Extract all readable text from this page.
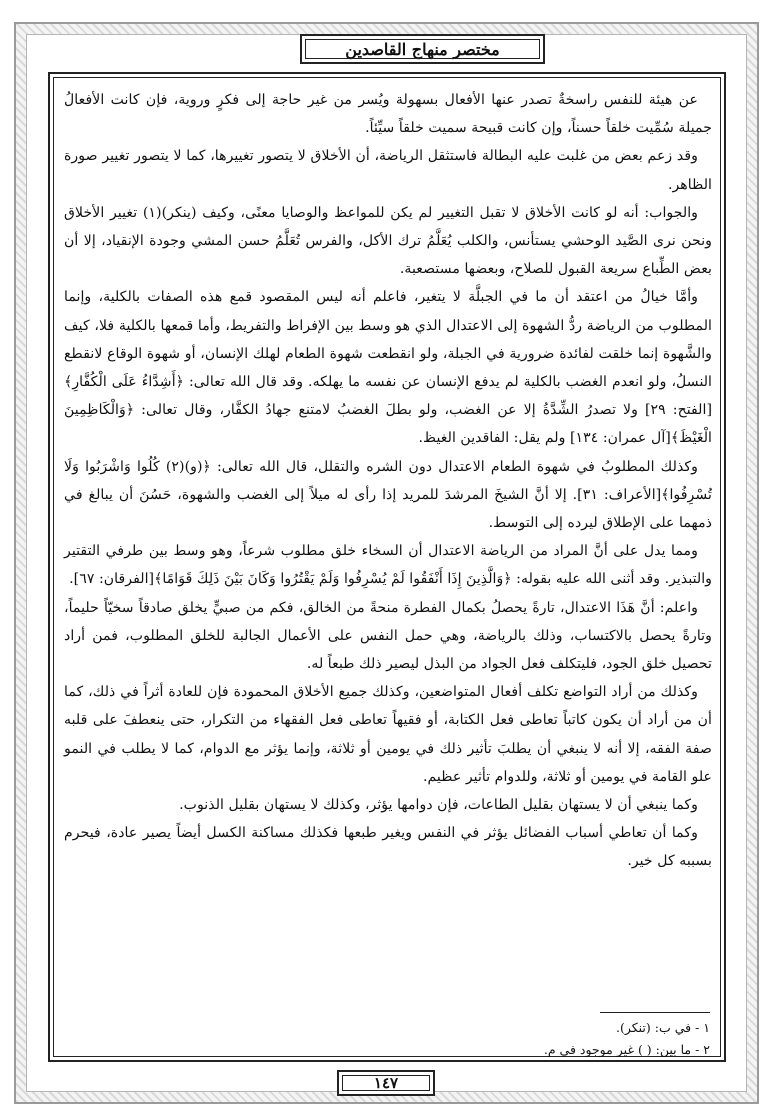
مختصر منهاج القاصدين

عن هيئة للنفس راسخةٌ تصدر عنها الأفعال بسهولة ويُسر من غير حاجة إلى فكرٍ وروية، فإن كانت الأفعالُ جميلة سُمِّيت خلقاً حسناً، وإن كانت قبيحة سميت خلقاً سيِّئاً.

وقد زعم بعض من غلبت عليه البطالة فاستثقل الرياضة، أن الأخلاق لا يتصور تغييرها، كما لا يتصور تغيير صورة الظاهر.

والجواب: أنه لو كانت الأخلاق لا تقبل التغيير لم يكن للمواعظ والوصايا معنًى، وكيف (ينكر)(١) تغيير الأخلاق ونحن نرى الصَّيد الوحشي يستأنس، والكلب يُعَلَّمُ ترك الأكل، والفرس تُعَلَّمُ حسن المشي وجودة الإنقياد، إلا أن بعض الطِّباع سريعة القبول للصلاح، وبعضها مستصعبة.

وأمَّا خيالُ من اعتقد أن ما في الجبلَّة لا يتغير، فاعلم أنه ليس المقصود قمع هذه الصفات بالكلية، وإنما المطلوب من الرياضة ردُّ الشهوة إلى الاعتدال الذي هو وسط بين الإفراط والتفريط، وأما قمعها بالكلية فلا، كيف والشَّهوة إنما خلقت لفائدة ضرورية في الجبلة، ولو انقطعت شهوة الطعام لهلك الإنسان، أو شهوة الوقاع لانقطع النسلُ، ولو انعدم الغضب بالكلية لم يدفع الإنسان عن نفسه ما يهلكه. وقد قال الله تعالى: ﴿أَشِدَّاءُ عَلَى الْكُفَّارِ﴾[الفتح: ٢٩] ولا تصدرُ الشِّدَّةُ إلا عن الغضب، ولو بطلَ الغضبُ لامتنع جهادُ الكفَّار، وقال تعالى: ﴿وَالْكَاظِمِينَ الْغَيْظَ﴾[آل عمران: ١٣٤] ولم يقل: الفاقدين الغيظ.

وكذلك المطلوبُ في شهوة الطعام الاعتدال دون الشره والتقلل، قال الله تعالى: ﴿(و)(٢) كُلُوا وَاشْرَبُوا وَلَا تُسْرِفُوا﴾[الأعراف: ٣١]. إلا أنَّ الشيخَ المرشدَ للمريد إذا رأى له ميلاً إلى الغضب والشهوة، حَسُنَ أن يبالغ في ذمهما على الإطلاق ليرده إلى التوسط.

ومما يدل على أنَّ المراد من الرياضة الاعتدال أن السخاء خلق مطلوب شرعاً، وهو وسط بين طرفي التقتير والتبذير. وقد أثنى الله عليه بقوله: ﴿وَالَّذِينَ إِذَا أَنْفَقُوا لَمْ يُسْرِفُوا وَلَمْ يَقْتُرُوا وَكَانَ بَيْنَ ذَلِكَ قَوَامًا﴾[الفرقان: ٦٧].

واعلم: أنَّ هَذَا الاعتدال، تارةً يحصلُ بكمال الفطرة منحةً من الخالق، فكم من صبيٍّ يخلق صادقاً سخيّاً حليماً، وتارةً يحصل بالاكتساب، وذلك بالرياضة، وهي حمل النفس على الأعمال الجالبة للخلق المطلوب، فمن أراد تحصيل خلق الجود، فليتكلف فعل الجواد من البذل ليصير ذلك طبعاً له.

وكذلك من أراد التواضع تكلف أفعال المتواضعين، وكذلك جميع الأخلاق المحمودة فإن للعادة أثراً في ذلك، كما أن من أراد أن يكون كاتباً تعاطى فعل الكتابة، أو فقيهاً تعاطى فعل الفقهاء من التكرار، حتى ينعطفَ على قلبه صفة الفقه، إلا أنه لا ينبغي أن يطلبَ تأثير ذلك في يومين أو ثلاثة، وإنما يؤثر مع الدوام، كما لا يطلب في النمو علو القامة في يومين أو ثلاثة، وللدوام تأثير عظيم.

وكما ينبغي أن لا يستهان بقليل الطاعات، فإن دوامها يؤثر، وكذلك لا يستهان بقليل الذنوب.

وكما أن تعاطي أسباب الفضائل يؤثر في النفس ويغير طبعها فكذلك مساكنة الكسل أيضاً يصير عادة، فيحرم بسببه كل خير.

١ - في ب: (تنكر).

٢ - ما بين: ( ) غير موجود في م.

١٤٧
